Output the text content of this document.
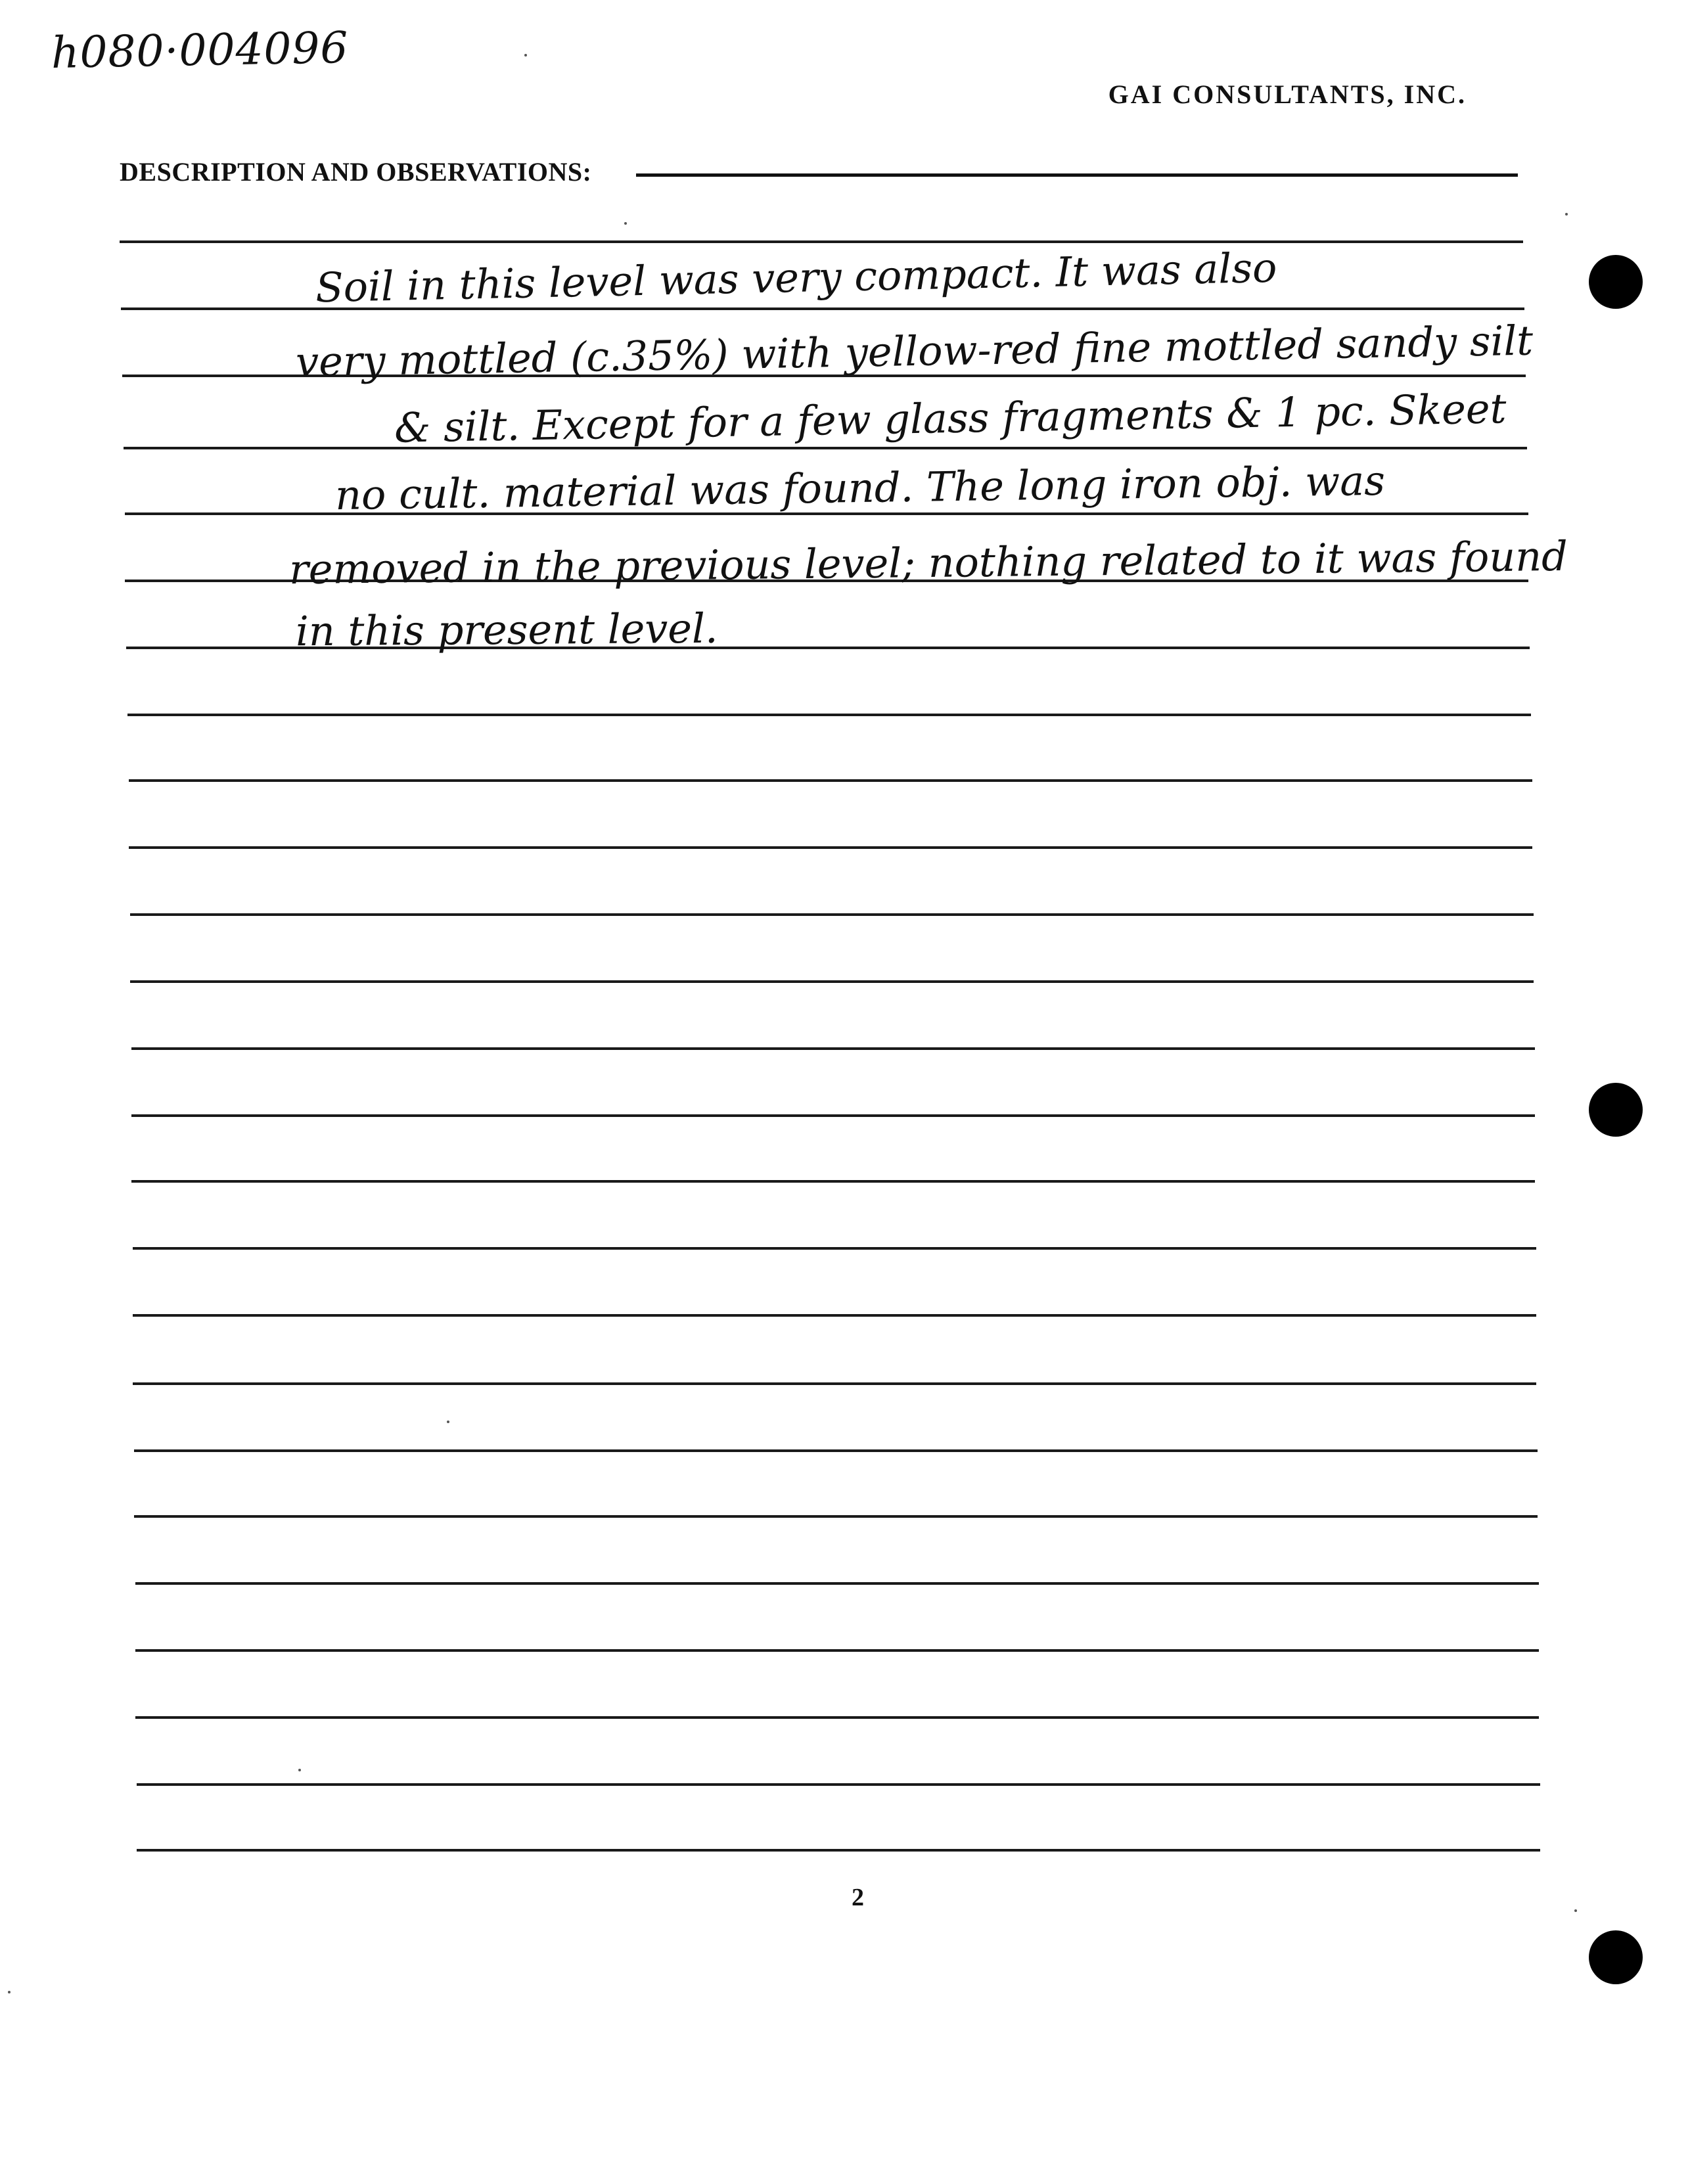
h080·004096
GAI CONSULTANTS, INC.
DESCRIPTION AND OBSERVATIONS:
Soil in this level was very compact. It was also
very mottled (c.35%) with yellow-red fine mottled sandy silt
& silt. Except for a few glass fragments & 1 pc. Skeet
no cult. material was found. The long iron obj. was
removed in the previous level; nothing related to it was found
in this present level.
2
